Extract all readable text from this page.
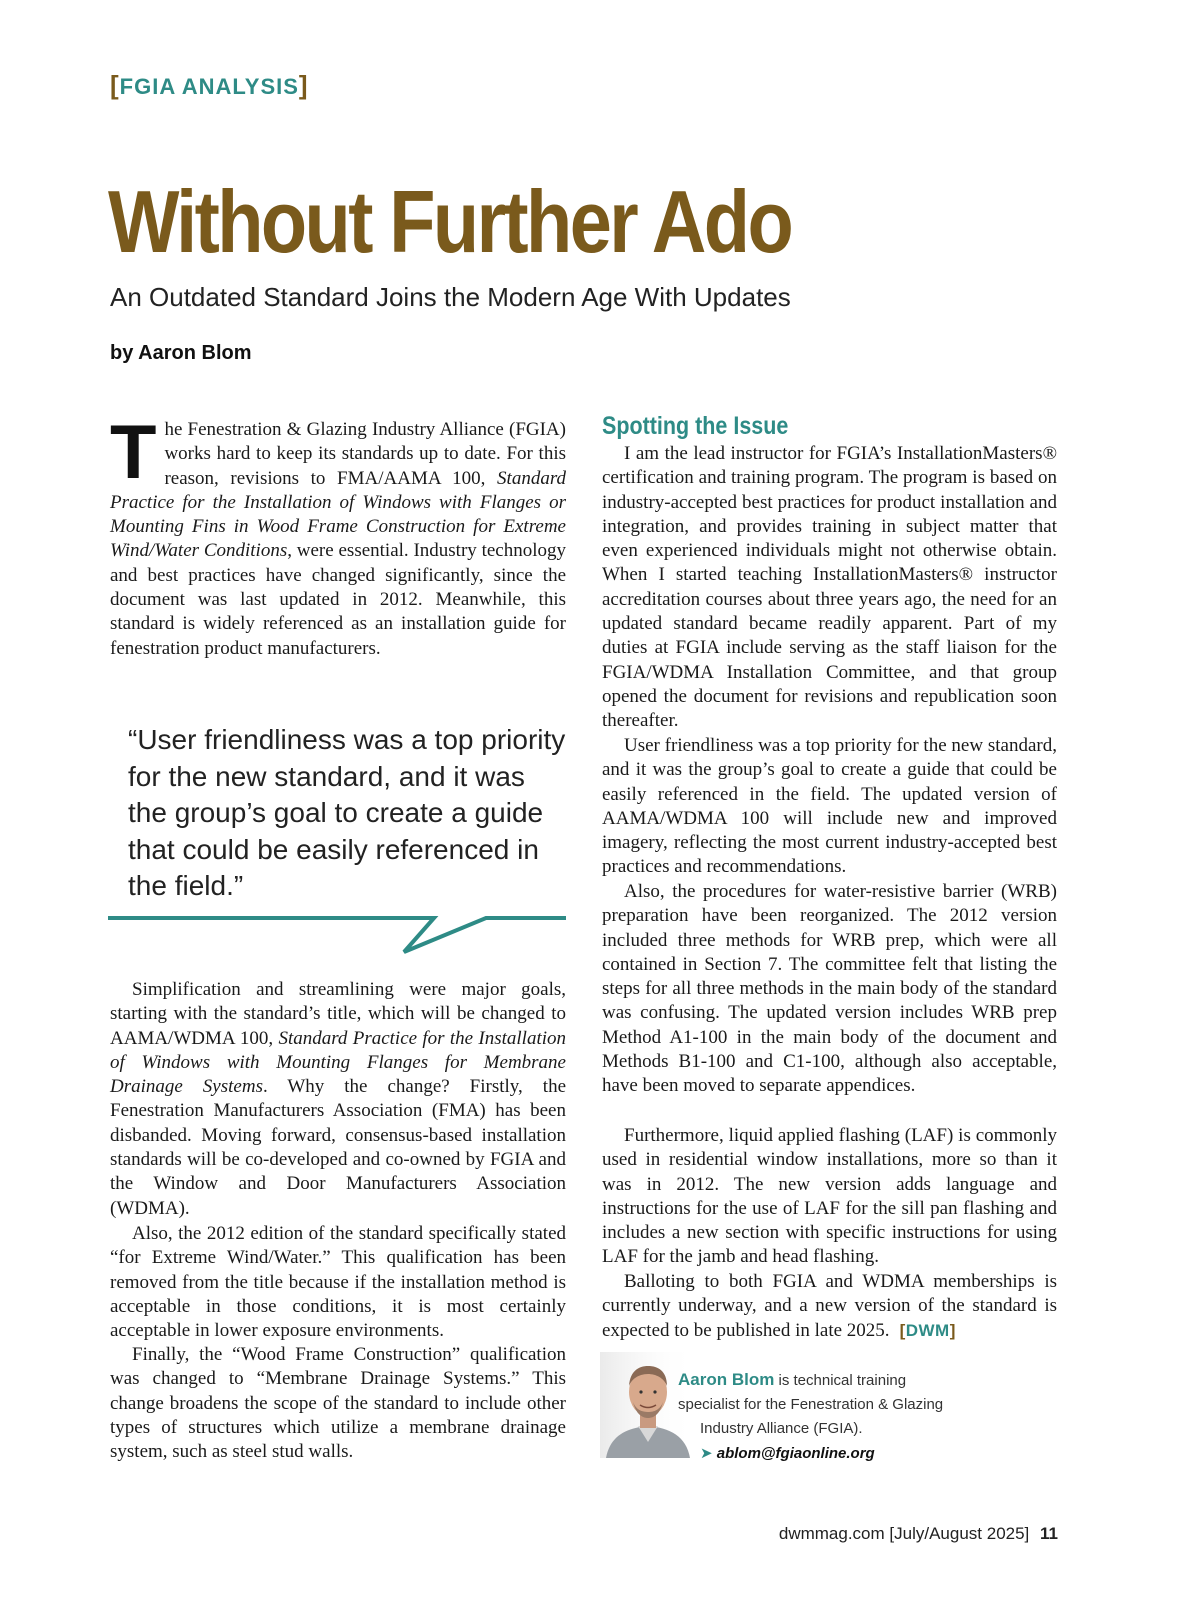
[FGIA ANALYSIS]
Without Further Ado
An Outdated Standard Joins the Modern Age With Updates
by Aaron Blom

The Fenestration & Glazing Industry Alliance (FGIA) works hard to keep its standards up to date. For this reason, revisions to FMA/AAMA 100, Standard Practice for the Installation of Windows with Flanges or Mounting Fins in Wood Frame Construction for Extreme Wind/Water Conditions, were essential. Industry technology and best practices have changed significantly, since the document was last updated in 2012. Meanwhile, this standard is widely referenced as an installation guide for fenestration product manufacturers.

“User friendliness was a top priority for the new standard, and it was the group’s goal to create a guide that could be easily referenced in the field.”

Simplification and streamlining were major goals, starting with the standard’s title, which will be changed to AAMA/WDMA 100, Standard Practice for the Installation of Windows with Mounting Flanges for Membrane Drainage Systems. Why the change? Firstly, the Fenestration Manufacturers Association (FMA) has been disbanded. Moving forward, consensus-based installation standards will be co-developed and co-owned by FGIA and the Window and Door Manufacturers Association (WDMA).

Also, the 2012 edition of the standard specifically stated “for Extreme Wind/Water.” This qualification has been removed from the title because if the installation method is acceptable in those conditions, it is most certainly acceptable in lower exposure environments.

Finally, the “Wood Frame Construction” qualification was changed to “Membrane Drainage Systems.” This change broadens the scope of the standard to include other types of structures which utilize a membrane drainage system, such as steel stud walls.

Spotting the Issue

I am the lead instructor for FGIA’s InstallationMasters® certification and training program. The program is based on industry-accepted best practices for product installation and integration, and provides training in subject matter that even experienced individuals might not otherwise obtain. When I started teaching InstallationMasters® instructor accreditation courses about three years ago, the need for an updated standard became readily apparent. Part of my duties at FGIA include serving as the staff liaison for the FGIA/WDMA Installation Committee, and that group opened the document for revisions and republication soon thereafter.

User friendliness was a top priority for the new standard, and it was the group’s goal to create a guide that could be easily referenced in the field. The updated version of AAMA/WDMA 100 will include new and improved imagery, reflecting the most current industry-accepted best practices and recommendations.

Also, the procedures for water-resistive barrier (WRB) preparation have been reorganized. The 2012 version included three methods for WRB prep, which were all contained in Section 7. The committee felt that listing the steps for all three methods in the main body of the standard was confusing. The updated version includes WRB prep Method A1-100 in the main body of the document and Methods B1-100 and C1-100, although also acceptable, have been moved to separate appendices.

Furthermore, liquid applied flashing (LAF) is commonly used in residential window installations, more so than it was in 2012. The new version adds language and instructions for the use of LAF for the sill pan flashing and includes a new section with specific instructions for using LAF for the jamb and head flashing.

Balloting to both FGIA and WDMA memberships is currently underway, and a new version of the standard is expected to be published in late 2025. [DWM]

Aaron Blom is technical training
specialist for the Fenestration & Glazing
Industry Alliance (FGIA).
➤ ablom@fgiaonline.org
dwmmag.com [July/August 2025] 11
